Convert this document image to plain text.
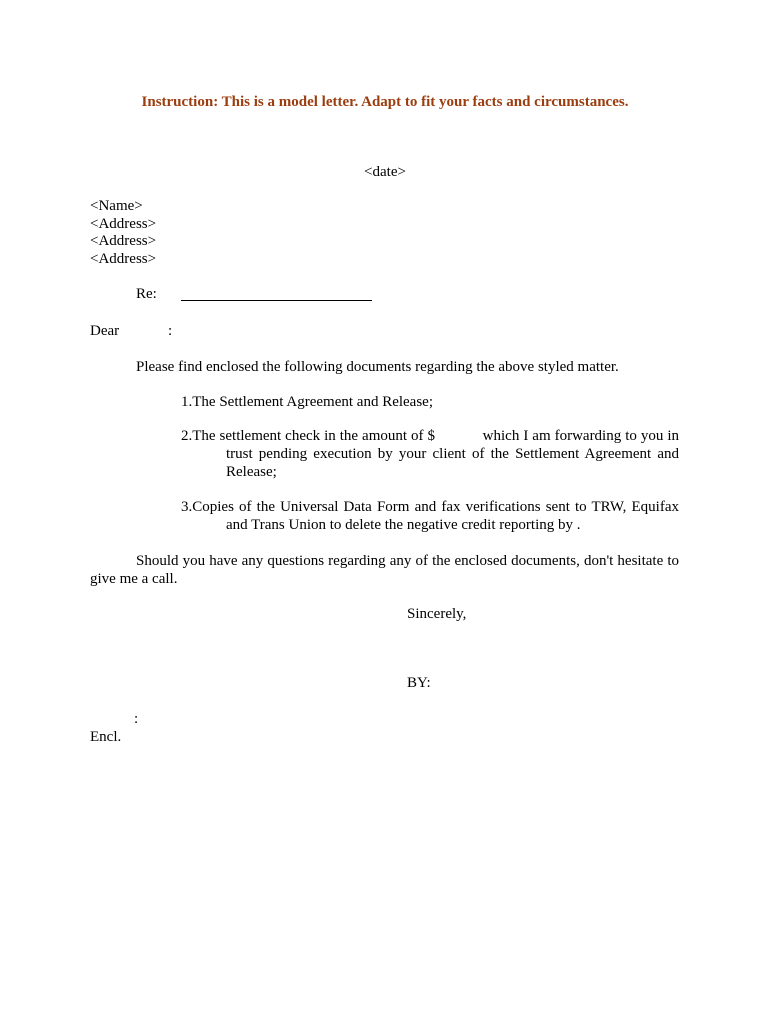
Instruction: This is a model letter. Adapt to fit your facts and circumstances.
<date>
<Name>
<Address>
<Address>
<Address>
Re:
Dear	:
Please find enclosed the following documents regarding the above styled matter.
1.The Settlement Agreement and Release;
2.The settlement check in the amount of $            which I am forwarding to you in
trust pending execution by your client of the Settlement Agreement and Release;
3.Copies of the Universal Data Form and fax verifications sent to TRW, Equifax
and Trans Union to delete the negative credit reporting by .
Should you have any questions regarding any of the enclosed documents, don't hesitate to
give me a call.
Sincerely,
BY:
:
Encl.
